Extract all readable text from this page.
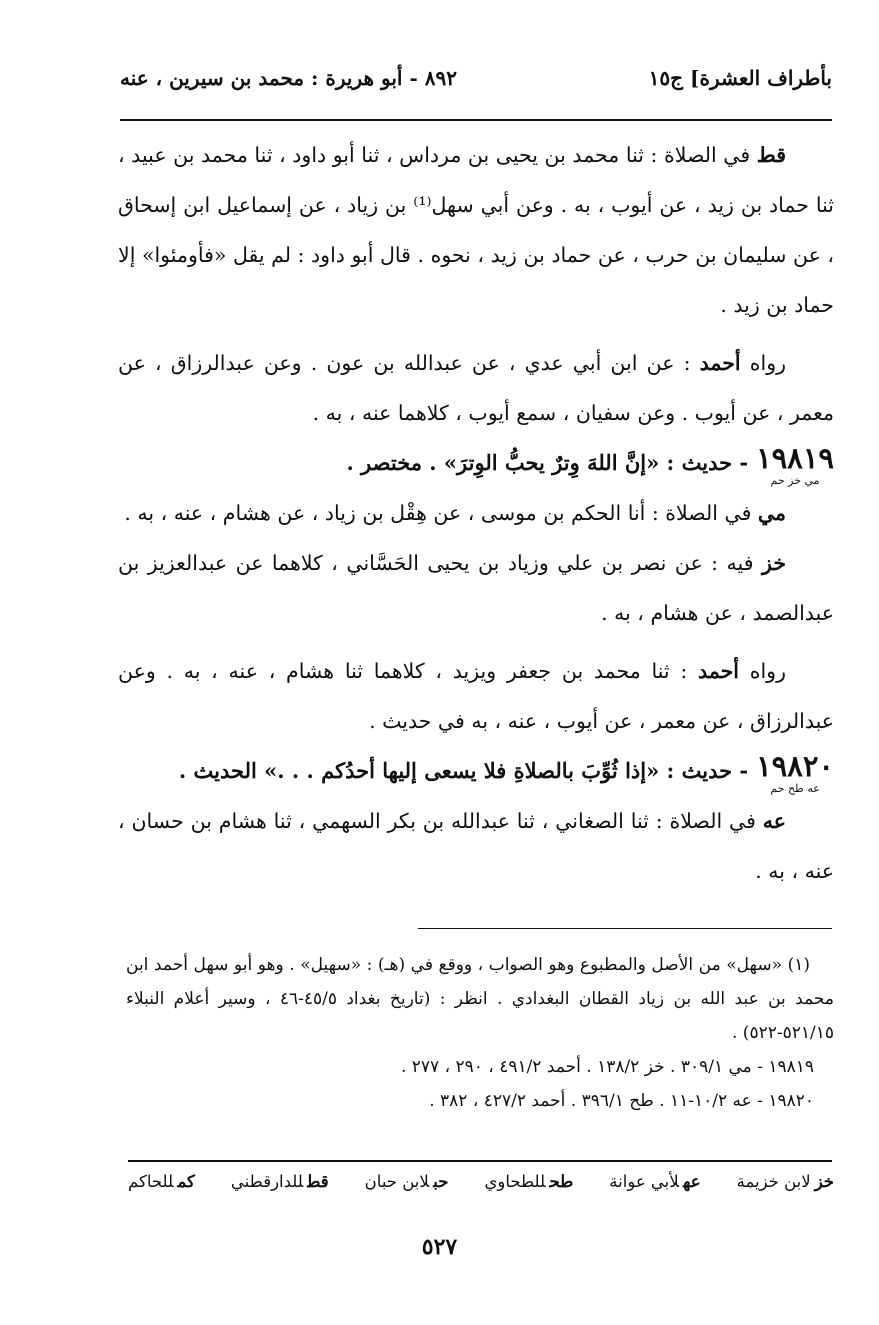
بأطراف العشرة] ج١٥
٨٩٢ - أبو هريرة : محمد بن سيرين ، عنه

قط في الصلاة : ثنا محمد بن يحيى بن مرداس ، ثنا أبو داود ، ثنا محمد بن عبيد ، ثنا حماد بن زيد ، عن أيوب ، به . وعن أبي سهل⁽¹⁾ بن زياد ، عن إسماعيل ابن إسحاق ، عن سليمان بن حرب ، عن حماد بن زيد ، نحوه . قال أبو داود : لم يقل «فأومئوا» إلا حماد بن زيد .

رواه أحمد : عن ابن أبي عدي ، عن عبدالله بن عون . وعن عبدالرزاق ، عن معمر ، عن أيوب . وعن سفيان ، سمع أيوب ، كلاهما عنه ، به .

١٩٨١٩
مي خز حم
- حديث : «إنَّ اللهَ وِترٌ يحبُّ الوِترَ» . مختصر .

مي في الصلاة : أنا الحكم بن موسى ، عن هِقْل بن زياد ، عن هشام ، عنه ، به .

خز فيه : عن نصر بن علي وزياد بن يحيى الحَسَّاني ، كلاهما عن عبدالعزيز بن عبدالصمد ، عن هشام ، به .

رواه أحمد : ثنا محمد بن جعفر ويزيد ، كلاهما ثنا هشام ، عنه ، به . وعن عبدالرزاق ، عن معمر ، عن أيوب ، عنه ، به في حديث .

١٩٨٢٠
عه طح حم
- حديث : «إذا ثُوِّبَ بالصلاةِ فلا يسعى إليها أحدُكم . . .» الحديث .

عه في الصلاة : ثنا الصغاني ، ثنا عبدالله بن بكر السهمي ، ثنا هشام بن حسان ، عنه ، به .

(١) «سهل» من الأصل والمطبوع وهو الصواب ، ووقع في (هـ) : «سهيل» . وهو أبو سهل أحمد ابن محمد بن عبد الله بن زياد القطان البغدادي . انظر : (تاريخ بغداد ٤٥/٥-٤٦ ، وسير أعلام النبلاء ٥٢١/١٥-٥٢٢) .

١٩٨١٩ - مي ٣٠٩/١ . خز ١٣٨/٢ . أحمد ٤٩١/٢ ، ٢٩٠ ، ٢٧٧ .

١٩٨٢٠ - عه ١٠/٢-١١ . طح ٣٩٦/١ . أحمد ٤٢٧/٢ ، ٣٨٢ .

خزلابن خزيمة
عهلأبي عوانة
طحللطحاوي
حبلابن حبان
قطللدارقطني
كمللحاكم
٥٢٧
